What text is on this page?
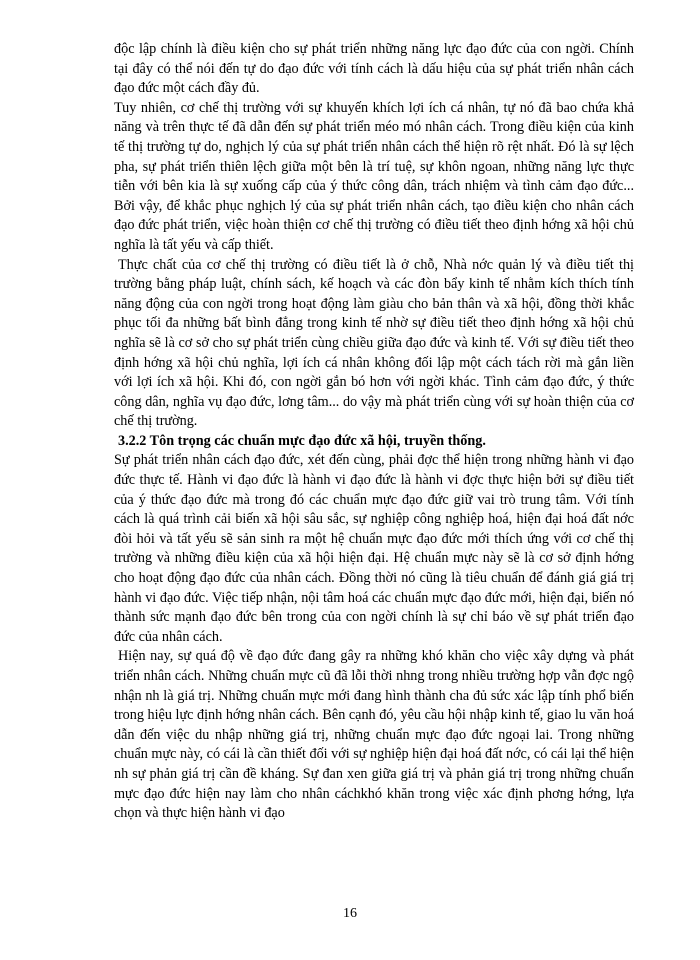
độc lập chính là điều kiện cho sự phát triển những năng lực đạo đức của con ngời. Chính tại đây có thể nói đến tự do đạo đức với tính cách là dấu hiệu của sự phát triển nhân cách đạo đức một cách đầy đủ.

Tuy nhiên, cơ chế thị trường với sự khuyến khích lợi ích cá nhân, tự nó đã bao chứa khả năng và trên thực tế đã dẫn đến sự phát triển méo mó nhân cách. Trong điều kiện của kinh tế thị trường tự do, nghịch lý của sự phát triển nhân cách thể hiện rõ rệt nhất. Đó là sự lệch pha, sự phát triển thiên lệch giữa một bên là trí tuệ, sự khôn ngoan, những năng lực thực tiễn với bên kia là sự xuống cấp của ý thức công dân, trách nhiệm và tình cảm đạo đức... Bởi vậy, để khắc phục nghịch lý của sự phát triển nhân cách, tạo điều kiện cho nhân cách đạo đức phát triển, việc hoàn thiện cơ chế thị trường có điều tiết theo định hớng xã hội chủ nghĩa là tất yếu và cấp thiết.

Thực chất của cơ chế thị trường có điều tiết là ở chỗ, Nhà nớc quản lý và điều tiết thị trường bằng pháp luật, chính sách, kế hoạch và các đòn bẩy kinh tế nhằm kích thích tính năng động của con ngời trong hoạt động làm giàu cho bản thân và xã hội, đồng thời khắc phục tối đa những bất bình đẳng trong kinh tế nhờ sự điều tiết theo định hớng xã hội chủ nghĩa sẽ là cơ sở cho sự phát triển cùng chiều giữa đạo đức và kinh tế. Với sự điều tiết theo định hớng xã hội chủ nghĩa, lợi ích cá nhân không đối lập một cách tách rời mà gắn liền với lợi ích xã hội. Khi đó, con ngời gắn bó hơn với ngời khác. Tình cảm đạo đức, ý thức công dân, nghĩa vụ đạo đức, lơng tâm... do vậy mà phát triển cùng với sự hoàn thiện của cơ chế thị trường.

3.2.2 Tôn trọng các chuẩn mực đạo đức xã hội, truyền thống.

Sự phát triển nhân cách đạo đức, xét đến cùng, phải đợc thể hiện trong những hành vi đạo đức thực tế. Hành vi đạo đức là hành vi đạo đức là hành vi đợc thực hiện bởi sự điều tiết của ý thức đạo đức mà trong đó các chuẩn mực đạo đức giữ vai trò trung tâm. Với tính cách là quá trình cải biến xã hội sâu sắc, sự nghiệp công nghiệp hoá, hiện đại hoá đất nớc đòi hỏi và tất yếu sẽ sản sinh ra một hệ chuẩn mực đạo đức mới thích ứng với cơ chế thị trường và những điều kiện của xã hội hiện đại. Hệ chuẩn mực này sẽ là cơ sở định hớng cho hoạt động đạo đức của nhân cách. Đồng thời nó cũng là tiêu chuẩn để đánh giá giá trị hành vi đạo đức. Việc tiếp nhận, nội tâm hoá các chuẩn mực đạo đức mới, hiện đại, biến nó thành sức mạnh đạo đức bên trong của con ngời chính là sự chỉ báo về sự phát triển đạo đức của nhân cách.

Hiện nay, sự quá độ về đạo đức đang gây ra những khó khăn cho việc xây dựng và phát triển nhân cách. Những chuẩn mực cũ đã lỗi thời nhng trong nhiều trường hợp vẫn đợc ngộ nhận nh là giá trị. Những chuẩn mực mới đang hình thành cha đủ sức xác lập tính phổ biến trong hiệu lực định hớng nhân cách. Bên cạnh đó, yêu cầu hội nhập kinh tế, giao lu văn hoá dẫn đến việc du nhập những giá trị, những chuẩn mực đạo đức ngoại lai. Trong những chuẩn mực này, có cái là cần thiết đối với sự nghiệp hiện đại hoá đất nớc, có cái lại thể hiện nh sự phản giá trị cần đề kháng. Sự đan xen giữa giá trị và phản giá trị trong những chuẩn mực đạo đức hiện nay làm cho nhân cáchkhó khăn trong việc xác định phơng hớng, lựa chọn và thực hiện hành vi đạo

16
